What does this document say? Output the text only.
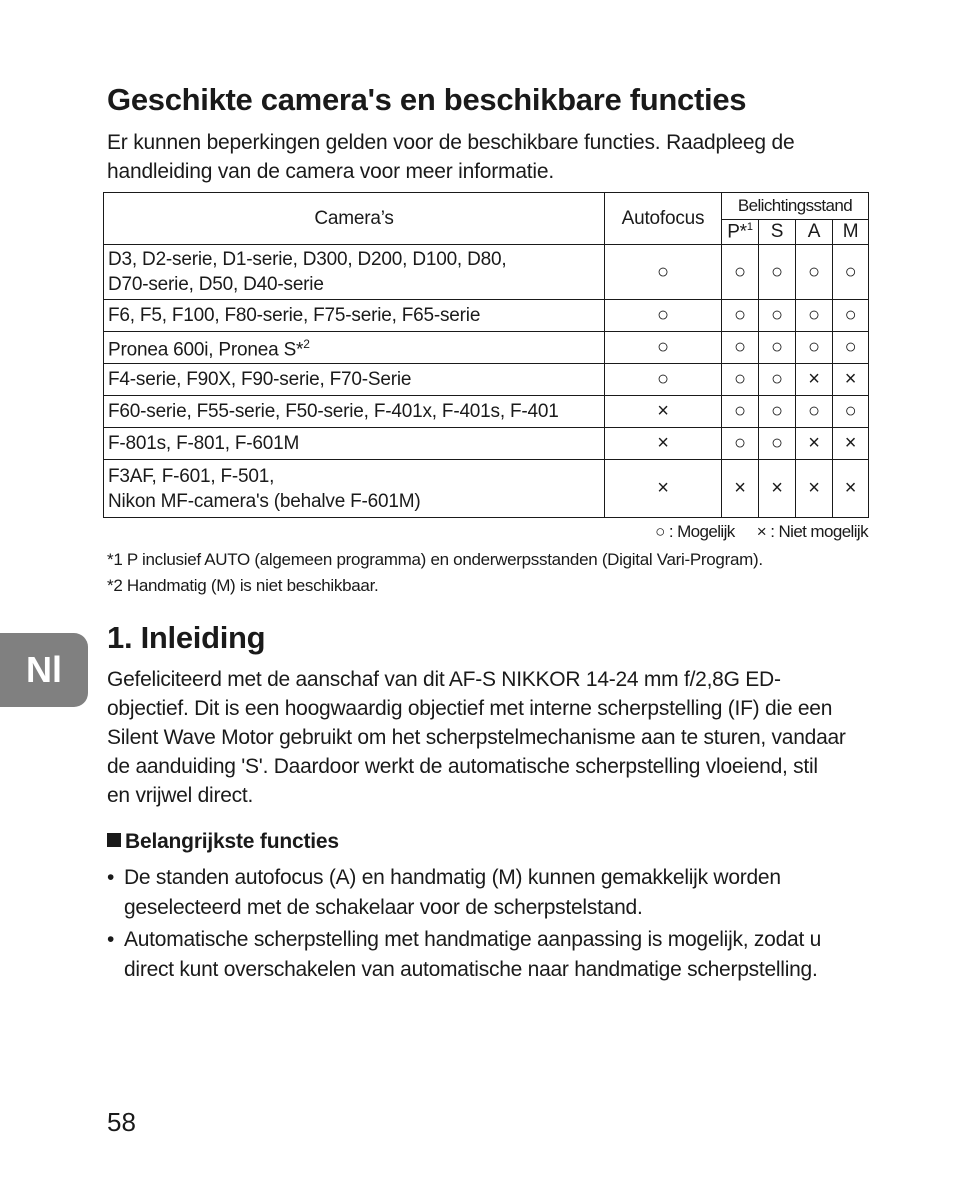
Geschikte camera's en beschikbare functies
Er kunnen beperkingen gelden voor de beschikbare functies. Raadpleeg de
handleiding van de camera voor meer informatie.
Camera’s	Autofocus	Belichtingsstand			
		P*$^1$	S	A	M

D3, D2-serie, D1-serie, D300, D200, D100, D80,
D70-serie, D50, D40-serie	○	○	○	○	○

F6, F5, F100, F80-serie, F75-serie, F65-serie	○	○	○	○	○

Pronea 600i, Pronea S*$^2$	○	○	○	○	○

F4-serie, F90X, F90-serie, F70-Serie	○	○	○	×	×

F60-serie, F55-serie, F50-serie, F-401x, F-401s, F-401	×	○	○	○	○

F-801s, F-801, F-601M	×	○	○	×	×

F3AF, F-601, F-501,
Nikon MF-camera's (behalve F-601M)	×	×	×	×	×
○ : Mogelijk × : Niet mogelijk
*1 P inclusief AUTO (algemeen programma) en onderwerpsstanden (Digital Vari-Program).
*2 Handmatig (M) is niet beschikbaar.
Nl
1. Inleiding
Gefeliciteerd met de aanschaf van dit AF-S NIKKOR 14-24 mm f/2,8G ED-
objectief. Dit is een hoogwaardig objectief met interne scherpstelling (IF) die een
Silent Wave Motor gebruikt om het scherpstelmechanisme aan te sturen, vandaar
de aanduiding 'S'. Daardoor werkt de automatische scherpstelling vloeiend, stil
en vrijwel direct.
Belangrijkste functies
• De standen autofocus (A) en handmatig (M) kunnen gemakkelijk worden
geselecteerd met de schakelaar voor de scherpstelstand.
• Automatische scherpstelling met handmatige aanpassing is mogelijk, zodat u
direct kunt overschakelen van automatische naar handmatige scherpstelling.
58
